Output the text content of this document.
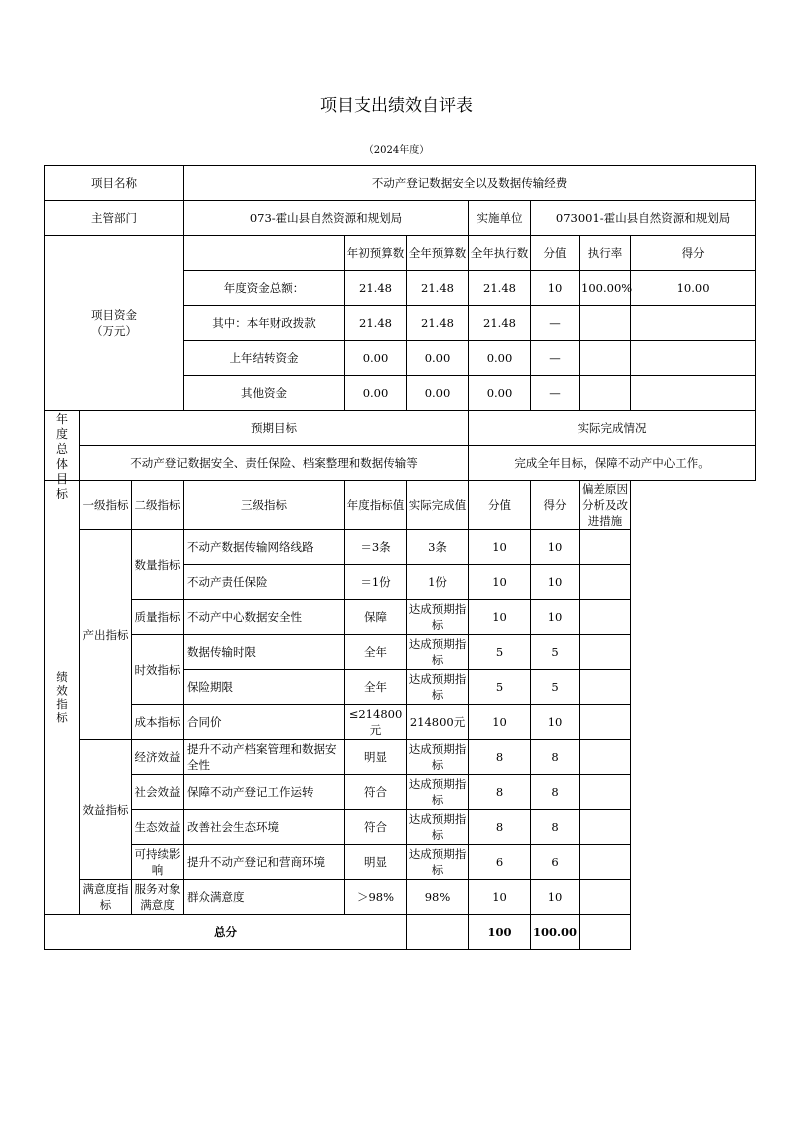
项目支出绩效自评表
（2024年度）
项目名称			不动产登记数据安全以及数据传输经费						
主管部门			073-霍山县自然资源和规划局			实施单位	073001-霍山县自然资源和规划局		
项目资金
（万元）				年初预算数	全年预算数	全年执行数	分值	执行率	得分
			年度资金总额：	21.48	21.48	21.48	10	100.00%	10.00
			其中：本年财政拨款	21.48	21.48	21.48	—		
			上年结转资金	0.00	0.00	0.00	—		
			其他资金	0.00	0.00	0.00	—		

年度总体目标	预期目标					实际完成情况			
	不动产登记数据安全、责任保险、档案整理和数据传输等					完成全年目标，保障不动产中心工作。			
绩效指标	一级指标	二级指标	三级指标	年度指标值	实际完成值	分值	得分	偏差原因分析及改进措施	
	产出指标	数量指标	不动产数据传输网络线路	＝3条	3条	10	10		
			不动产责任保险	＝1份	1份	10	10		
		质量指标	不动产中心数据安全性	保障	达成预期指标	10	10		
		时效指标	数据传输时限	全年	达成预期指标	5	5		
			保险期限	全年	达成预期指标	5	5		
		成本指标	合同价	≤214800元	214800元	10	10		
	效益指标	经济效益	提升不动产档案管理和数据安全性	明显	达成预期指标	8	8		
		社会效益	保障不动产登记工作运转	符合	达成预期指标	8	8		
		生态效益	改善社会生态环境	符合	达成预期指标	8	8		
		可持续影响	提升不动产登记和营商环境	明显	达成预期指标	6	6		
	满意度指标	服务对象满意度	群众满意度	＞98%	98%	10	10		
总分						100	100.00		
